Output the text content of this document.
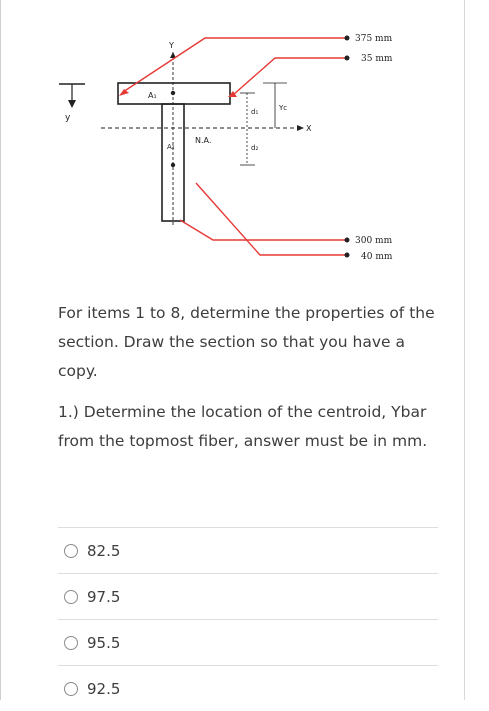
y
Y
X
N.A.
A₁
A₂
d₁
d₂
Yᴄ
375 mm
35 mm
300 mm
40 mm
For items 1 to 8, determine the properties of the section. Draw the section so that you have a copy.
1.) Determine the location of the centroid, Ybar from the topmost fiber, answer must be in mm.
82.5
97.5
95.5
92.5
